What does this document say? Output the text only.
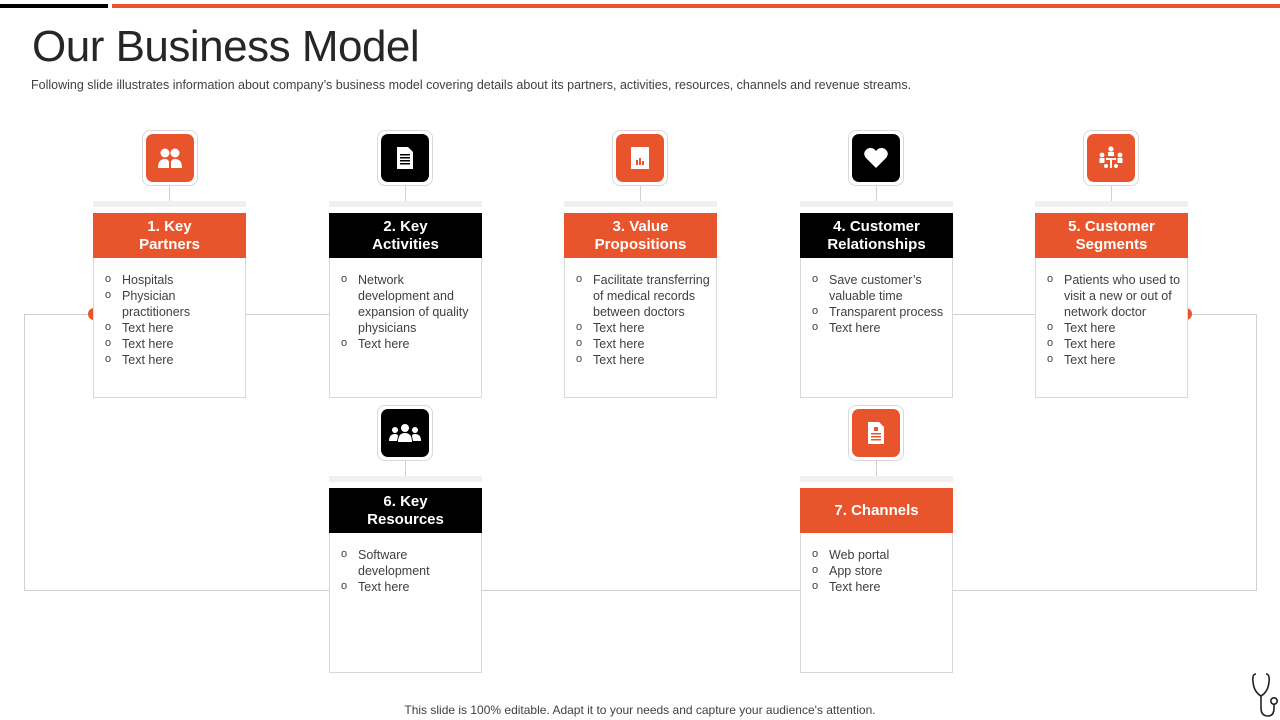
Our Business Model
Following slide illustrates information about company’s business model covering details about its partners, activities, resources, channels and revenue streams.
1. Key
Partners
o Hospitals
o Physician practitioners
o Text here
o Text here
o Text here
2. Key
Activities
o Network development and expansion of quality physicians
o Text here
3. Value
Propositions
o Facilitate transferring of medical records between doctors
o Text here
o Text here
o Text here
4. Customer
Relationships
o Save customer’s valuable time
o Transparent process
o Text here
5. Customer
Segments
o Patients who used to visit a new or out of network doctor
o Text here
o Text here
o Text here
6. Key
Resources
o Software development
o Text here
7. Channels
o Web portal
o App store
o Text here
This slide is 100% editable. Adapt it to your needs and capture your audience's attention.
